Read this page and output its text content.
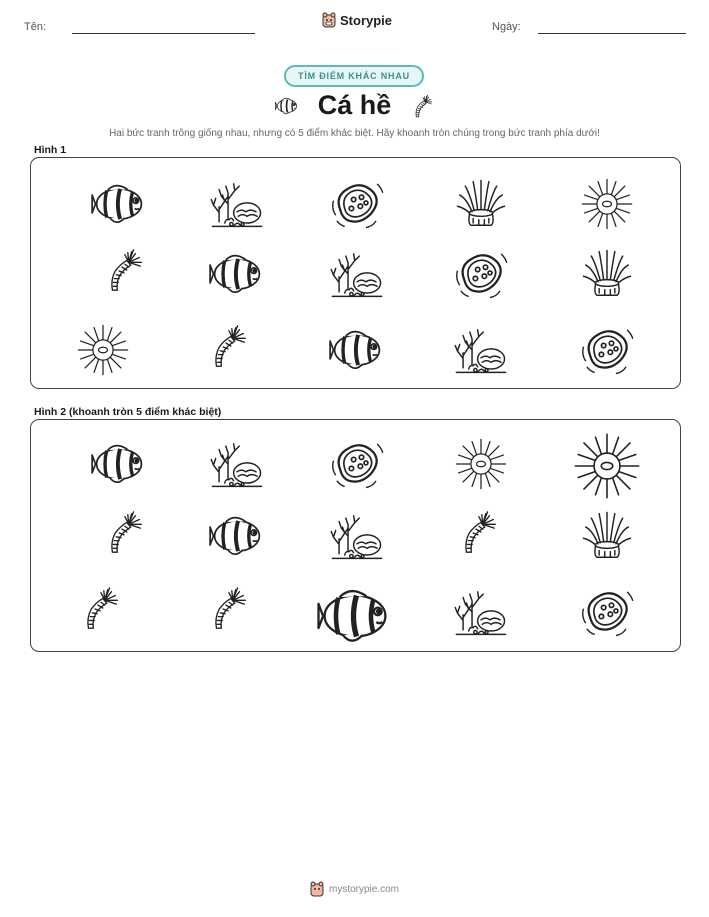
Tên:	Storypie	Ngày:
TÌM ĐIỂM KHÁC NHAU
Cá hề
Hai bức tranh trông giống nhau, nhưng có 5 điểm khác biệt. Hãy khoanh tròn chúng trong bức tranh phía dưới!
Hình 1
Hình 2 (khoanh tròn 5 điểm khác biệt)
mystorypie.com
